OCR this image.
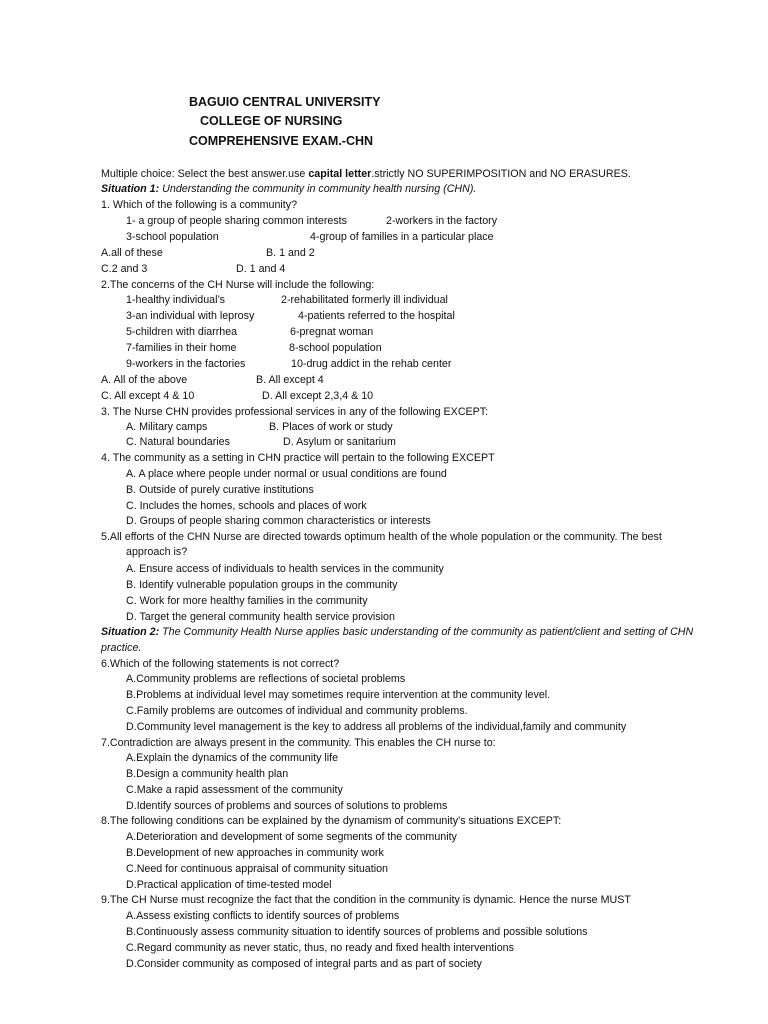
BAGUIO CENTRAL UNIVERSITY
COLLEGE OF NURSING
COMPREHENSIVE EXAM.-CHN
Multiple choice: Select the best answer.use capital letter.strictly NO SUPERIMPOSITION and NO ERASURES.
Situation 1: Understanding the community in community health nursing (CHN).
1. Which of the following is a community?
1- a group of people sharing common interests	2-workers in the factory
3-school population	4-group of families in a particular place
A.all of these	B. 1 and 2
C.2 and 3	D. 1 and 4
2.The concerns of the CH Nurse will include the following:
1-healthy individual’s	2-rehabilitated formerly ill individual
3-an individual with leprosy	4-patients referred to the hospital
5-children with diarrhea	6-pregnat woman
7-families in their home	8-school population
9-workers in the factories	10-drug addict in the rehab center
A. All of the above	B. All except 4
C. All except 4 & 10	D. All except 2,3,4 & 10
3. The Nurse CHN provides professional services in any of the following EXCEPT:
A. Military camps	B. Places of work or study
C. Natural boundaries	D. Asylum or sanitarium
4. The community as a setting in CHN practice will pertain to the following EXCEPT
A. A place where people under normal or usual conditions are found
B. Outside of purely curative institutions
C. Includes the homes, schools and places of work
D. Groups of people sharing common characteristics or interests
5.All efforts of the CHN Nurse are directed towards optimum health of the whole population or the community. The best
approach is?
A. Ensure access of individuals to health services in the community
B. Identify vulnerable population groups in the community
C. Work for more healthy families in the community
D. Target the general community health service provision
Situation 2: The Community Health Nurse applies basic understanding of the community as patient/client and setting of CHN practice.
6.Which of the following statements is not correct?
A.Community problems are reflections of societal problems
B.Problems at individual level may sometimes require intervention at the community level.
C.Family problems are outcomes of individual and community problems.
D.Community level management is the key to address all problems of the individual,family and community
7.Contradiction are always present in the community. This enables the CH nurse to:
A.Explain the dynamics of the community life
B.Design a community health plan
C.Make a rapid assessment of the community
D.Identify sources of problems and sources of solutions to problems
8.The following conditions can be explained by the dynamism of community’s situations EXCEPT:
A.Deterioration and development of some segments of the community
B.Development of new approaches in community work
C.Need for continuous appraisal of community situation
D.Practical application of time-tested model
9.The CH Nurse must recognize the fact that the condition in the community is dynamic. Hence the nurse MUST
A.Assess existing conflicts to identify sources of problems
B.Continuously assess community situation to identify sources of problems and possible solutions
C.Regard community as never static, thus, no ready and fixed health interventions
D.Consider community as composed of integral parts and as part of society
